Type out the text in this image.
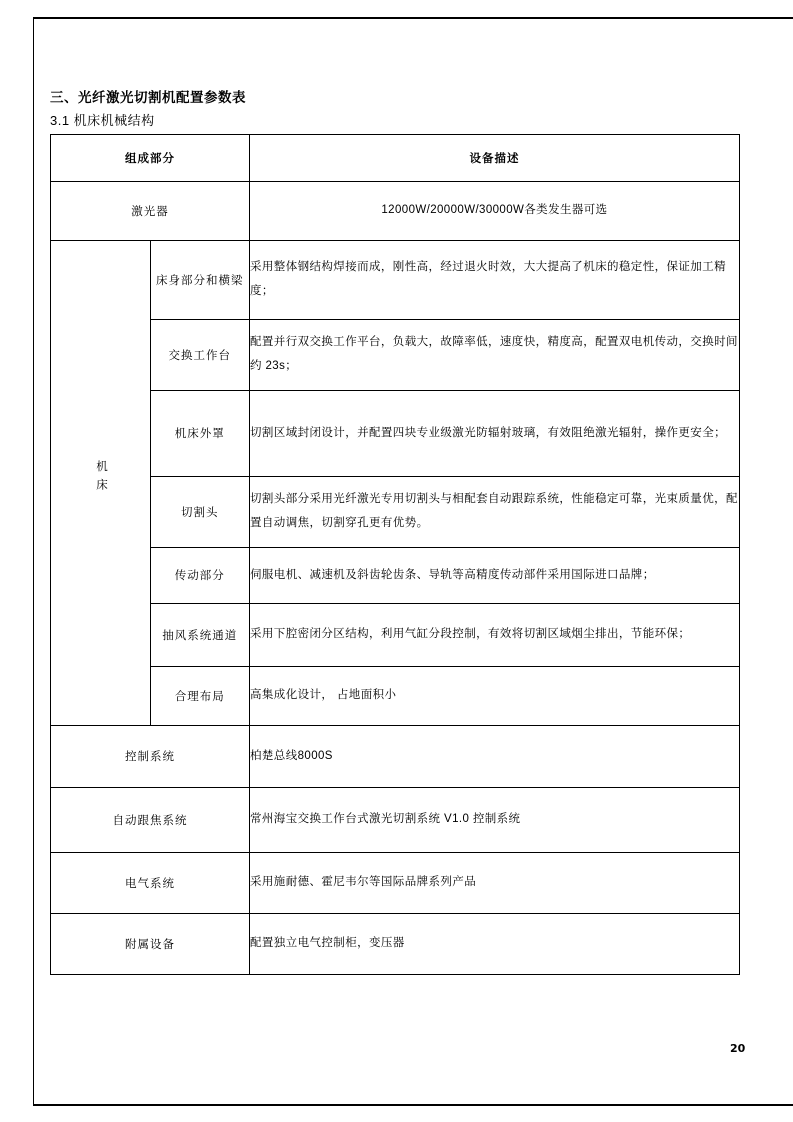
三、光纤激光切割机配置参数表
3.1 机床机械结构
组成部分		设备描述
激光器		12000W/20000W/30000W各类发生器可选
机床	床身部分和横梁	采用整体钢结构焊接而成，刚性高，经过退火时效，大大提高了机床的稳定性，保证加工精度；
	交换工作台	配置并行双交换工作平台，负载大，故障率低，速度快，精度高，配置双电机传动，交换时间约 23s；
	机床外罩	切割区域封闭设计，并配置四块专业级激光防辐射玻璃，有效阻绝激光辐射，操作更安全；
	切割头	切割头部分采用光纤激光专用切割头与相配套自动跟踪系统，性能稳定可靠，光束质量优，配置自动调焦，切割穿孔更有优势。
	传动部分	伺服电机、减速机及斜齿轮齿条、导轨等高精度传动部件采用国际进口品牌；
	抽风系统通道	采用下腔密闭分区结构，利用气缸分段控制，有效将切割区域烟尘排出，节能环保；
	合理布局	高集成化设计， 占地面积小
控制系统		柏楚总线8000S
自动跟焦系统		常州海宝交换工作台式激光切割系统 V1.0 控制系统
电气系统		采用施耐德、霍尼韦尔等国际品牌系列产品
附属设备		配置独立电气控制柜，变压器
20
